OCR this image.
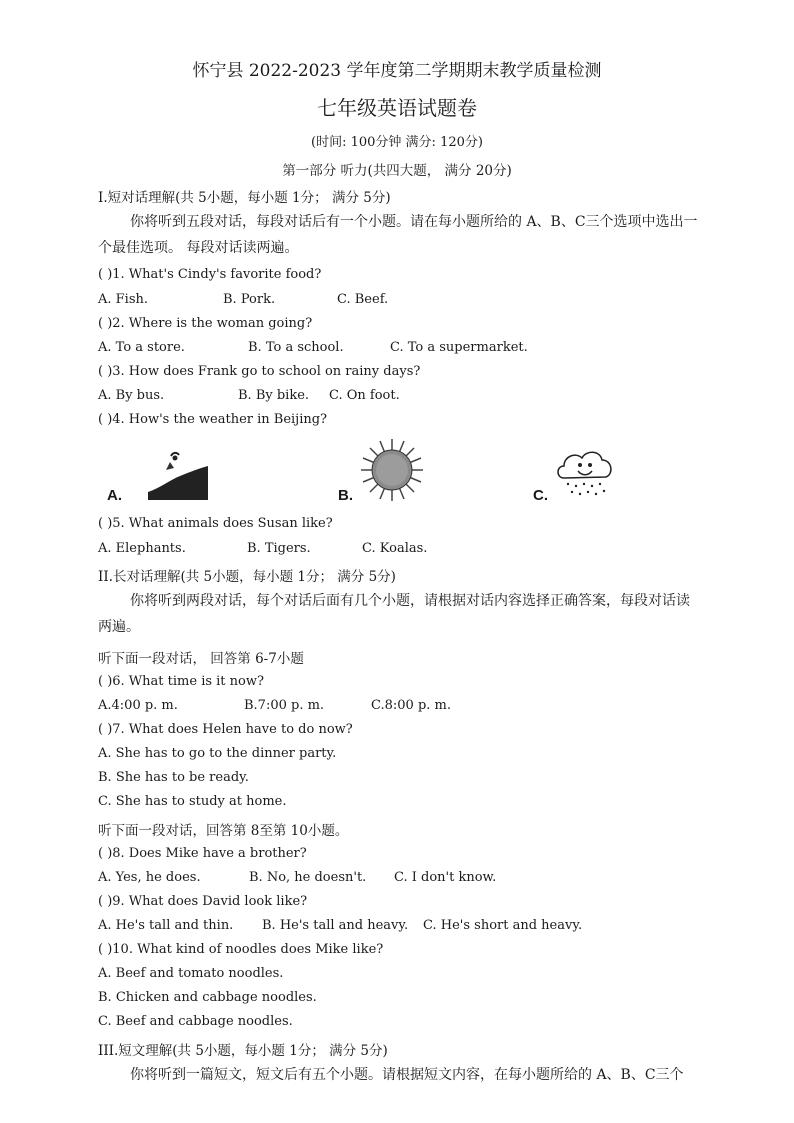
怀宁县 2022-2023 学年度第二学期期末教学质量检测
七年级英语试题卷
(时间: 100分钟 满分: 120分)
第一部分 听力(共四大题， 满分 20分)
I.短对话理解(共 5小题，每小题 1分； 满分 5分)
你将听到五段对话，每段对话后有一个小题。请在每小题所给的 A、B、C三个选项中选出一个最佳选项。 每段对话读两遍。
( )1. What's Cindy's favorite food?
A. Fish.	B. Pork.	C. Beef.
( )2. Where is the woman going?
A. To a store.	B. To a school.	C. To a supermarket.
( )3. How does Frank go to school on rainy days?
A. By bus.	B. By bike. C. On foot.
( )4. How's the weather in Beijing?
A.	B.	C.
( )5. What animals does Susan like?
A. Elephants.	B. Tigers.	C. Koalas.
II.长对话理解(共 5小题，每小题 1分； 满分 5分)
你将听到两段对话，每个对话后面有几个小题，请根据对话内容选择正确答案，每段对话读两遍。
听下面一段对话， 回答第 6-7小题
( )6. What time is it now?
A.4:00 p. m.	B.7:00 p. m.	C.8:00 p. m.
( )7. What does Helen have to do now?
A. She has to go to the dinner party.
B. She has to be ready.
C. She has to study at home.
听下面一段对话，回答第 8至第 10小题。
( )8. Does Mike have a brother?
A. Yes, he does.	B. No, he doesn't. C. I don't know.
( )9. What does David look like?
A. He's tall and thin. B. He's tall and heavy. C. He's short and heavy.
( )10. What kind of noodles does Mike like?
A. Beef and tomato noodles.
B. Chicken and cabbage noodles.
C. Beef and cabbage noodles.
III.短文理解(共 5小题，每小题 1分； 满分 5分)
你将听到一篇短文，短文后有五个小题。请根据短文内容，在每小题所给的 A、B、C三个
